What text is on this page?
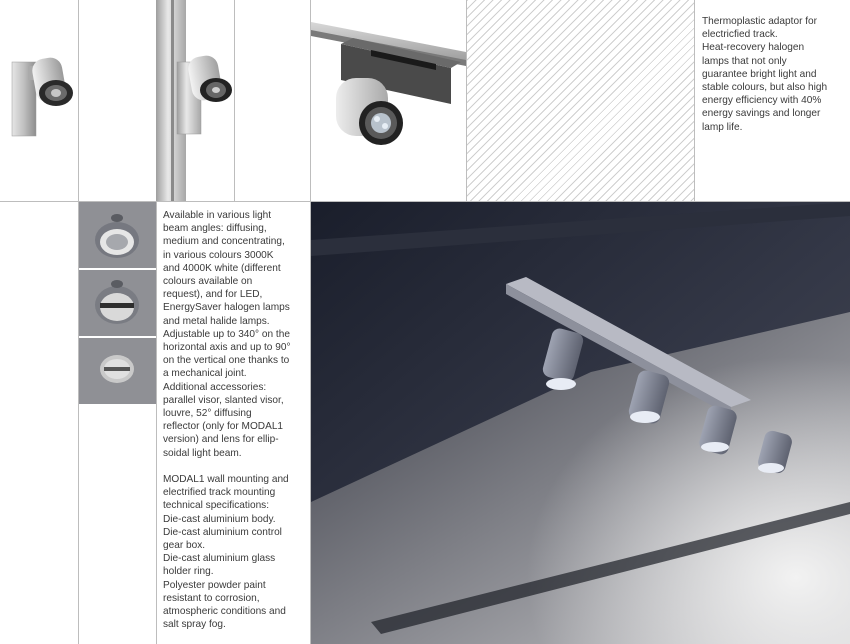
Thermoplastic adaptor for
electricfied track.
Heat-recovery halogen
lamps that not only
guarantee bright light and
stable colours, but also high
energy efficiency with 40%
energy savings and longer
lamp life.
Available in various light
beam angles: diffusing,
medium and concentrating,
in various colours 3000K
and 4000K white (different
colours available on
request), and for LED,
EnergySaver halogen lamps
and metal halide lamps.
Adjustable up to 340° on the
horizontal axis and up to 90°
on the vertical one thanks to
a mechanical joint.
Additional accessories:
parallel visor, slanted visor,
louvre, 52° diffusing
reflector (only for MODAL1
version) and lens for ellip-
soidal light beam.
MODAL1 wall mounting and
electrified track mounting
technical specifications:
Die-cast aluminium body.
Die-cast aluminium control
gear box.
Die-cast aluminium glass
holder ring.
Polyester powder paint
resistant to corrosion,
atmospheric conditions and
salt spray fog.
